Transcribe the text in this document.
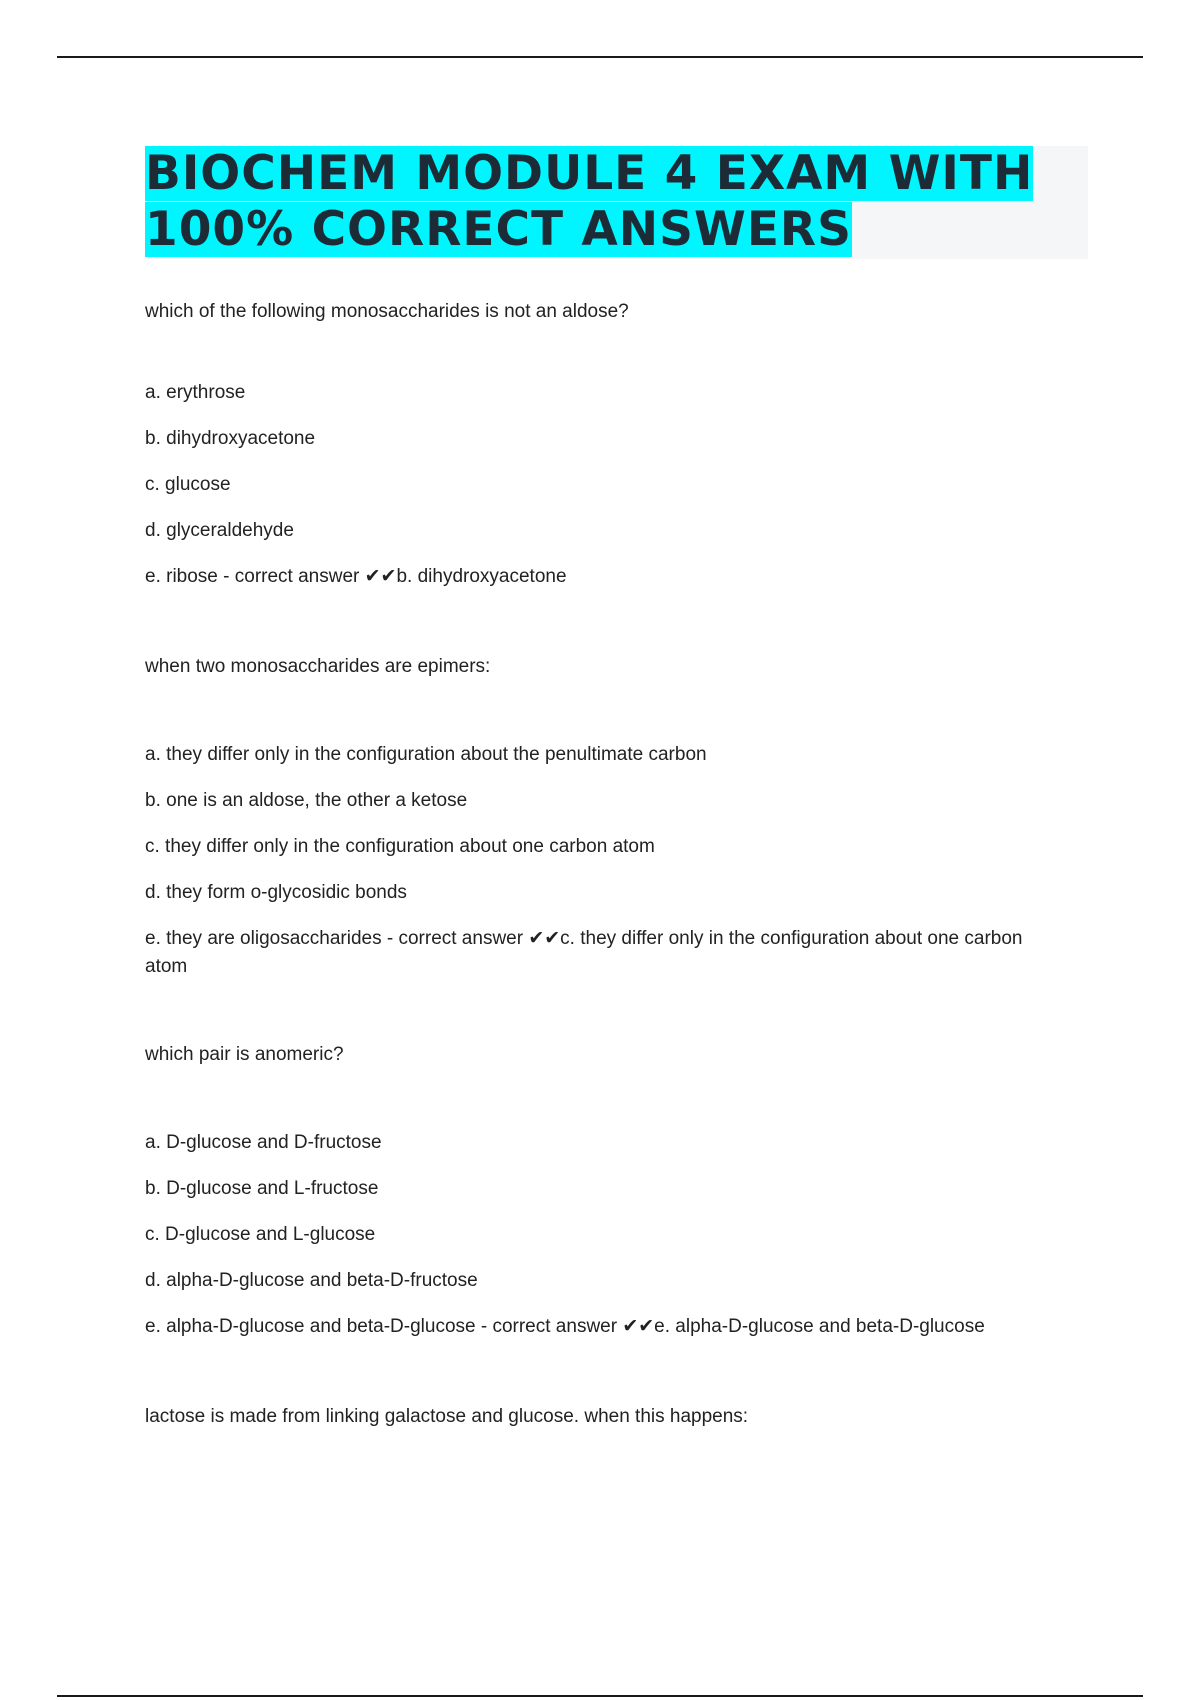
BIOCHEM MODULE 4 EXAM WITH
100% CORRECT ANSWERS

which of the following monosaccharides is not an aldose?

a. erythrose
b. dihydroxyacetone
c. glucose
d. glyceraldehyde
e. ribose - correct answer ✔✔b. dihydroxyacetone

when two monosaccharides are epimers:

a. they differ only in the configuration about the penultimate carbon
b. one is an aldose, the other a ketose
c. they differ only in the configuration about one carbon atom
d. they form o-glycosidic bonds
e. they are oligosaccharides - correct answer ✔✔c. they differ only in the configuration about one carbon atom

which pair is anomeric?

a. D-glucose and D-fructose
b. D-glucose and L-fructose
c. D-glucose and L-glucose
d. alpha-D-glucose and beta-D-fructose
e. alpha-D-glucose and beta-D-glucose - correct answer ✔✔e. alpha-D-glucose and beta-D-glucose

lactose is made from linking galactose and glucose. when this happens:
